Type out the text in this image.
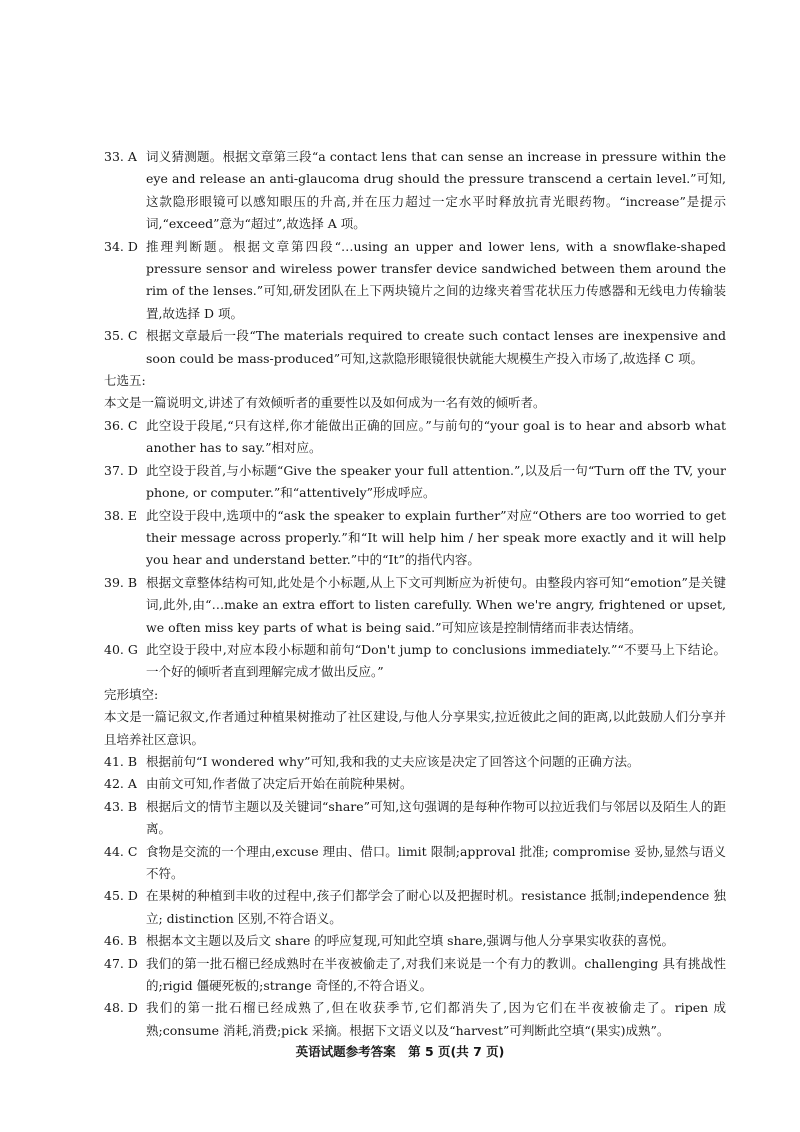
33. A 词义猜测题。根据文章第三段“a contact lens that can sense an increase in pressure within the eye and release an anti-glaucoma drug should the pressure transcend a certain level.”可知,这款隐形眼镜可以感知眼压的升高,并在压力超过一定水平时释放抗青光眼药物。“increase”是提示词,“exceed”意为“超过”,故选择 A 项。
34. D 推理判断题。根据文章第四段“…using an upper and lower lens, with a snowflake-shaped pressure sensor and wireless power transfer device sandwiched between them around the rim of the lenses.”可知,研发团队在上下两块镜片之间的边缘夹着雪花状压力传感器和无线电力传输装置,故选择 D 项。
35. C 根据文章最后一段“The materials required to create such contact lenses are inexpensive and soon could be mass-produced”可知,这款隐形眼镜很快就能大规模生产投入市场了,故选择 C 项。
七选五:
本文是一篇说明文,讲述了有效倾听者的重要性以及如何成为一名有效的倾听者。
36. C 此空设于段尾,“只有这样,你才能做出正确的回应。”与前句的“your goal is to hear and absorb what another has to say.”相对应。
37. D 此空设于段首,与小标题“Give the speaker your full attention.”,以及后一句“Turn off the TV, your phone, or computer.”和“attentively”形成呼应。
38. E 此空设于段中,选项中的“ask the speaker to explain further”对应“Others are too worried to get their message across properly.”和“It will help him / her speak more exactly and it will help you hear and understand better.”中的“It”的指代内容。
39. B 根据文章整体结构可知,此处是个小标题,从上下文可判断应为祈使句。由整段内容可知“emotion”是关键词,此外,由“…make an extra effort to listen carefully. When we're angry, frightened or upset, we often miss key parts of what is being said.”可知应该是控制情绪而非表达情绪。
40. G 此空设于段中,对应本段小标题和前句“Don't jump to conclusions immediately.”“不要马上下结论。一个好的倾听者直到理解完成才做出反应。”
完形填空:
本文是一篇记叙文,作者通过种植果树推动了社区建设,与他人分享果实,拉近彼此之间的距离,以此鼓励人们分享并且培养社区意识。
41. B 根据前句“I wondered why”可知,我和我的丈夫应该是决定了回答这个问题的正确方法。
42. A 由前文可知,作者做了决定后开始在前院种果树。
43. B 根据后文的情节主题以及关键词“share”可知,这句强调的是每种作物可以拉近我们与邻居以及陌生人的距离。
44. C 食物是交流的一个理由,excuse 理由、借口。limit 限制;approval 批准; compromise 妥协,显然与语义不符。
45. D 在果树的种植到丰收的过程中,孩子们都学会了耐心以及把握时机。resistance 抵制;independence 独立; distinction 区别,不符合语义。
46. B 根据本文主题以及后文 share 的呼应复现,可知此空填 share,强调与他人分享果实收获的喜悦。
47. D 我们的第一批石榴已经成熟时在半夜被偷走了,对我们来说是一个有力的教训。challenging 具有挑战性的;rigid 僵硬死板的;strange 奇怪的,不符合语义。
48. D 我们的第一批石榴已经成熟了,但在收获季节,它们都消失了,因为它们在半夜被偷走了。ripen 成熟;consume 消耗,消费;pick 采摘。根据下文语义以及“harvest”可判断此空填“(果实)成熟”。
英语试题参考答案　第 5 页(共 7 页)
